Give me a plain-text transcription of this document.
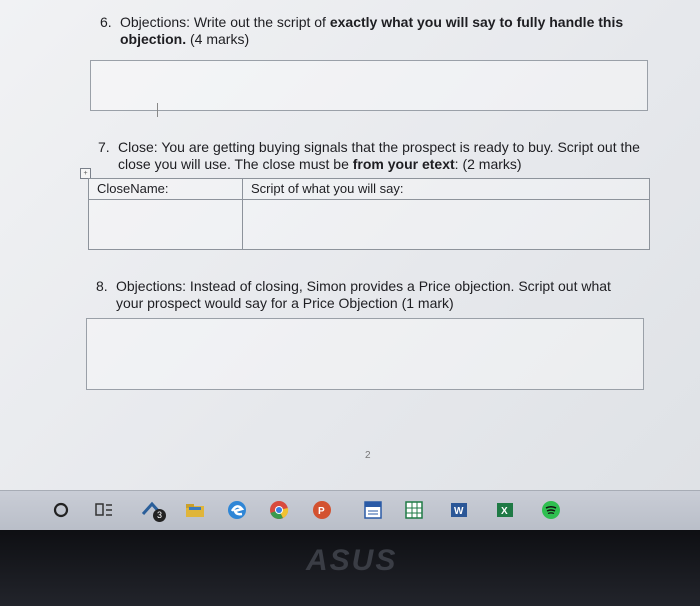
6. Objections: Write out the script of exactly what you will say to fully handle this
objection. (4 marks)
7. Close: You are getting buying signals that the prospect is ready to buy. Script out the
close you will use. The close must be from your etext: (2 marks)
+
CloseName:	Script of what you will say:
8. Objections: Instead of closing, Simon provides a Price objection. Script out what
your prospect would say for a Price Objection (1 mark)
2
3	P	W	X
ASUS
